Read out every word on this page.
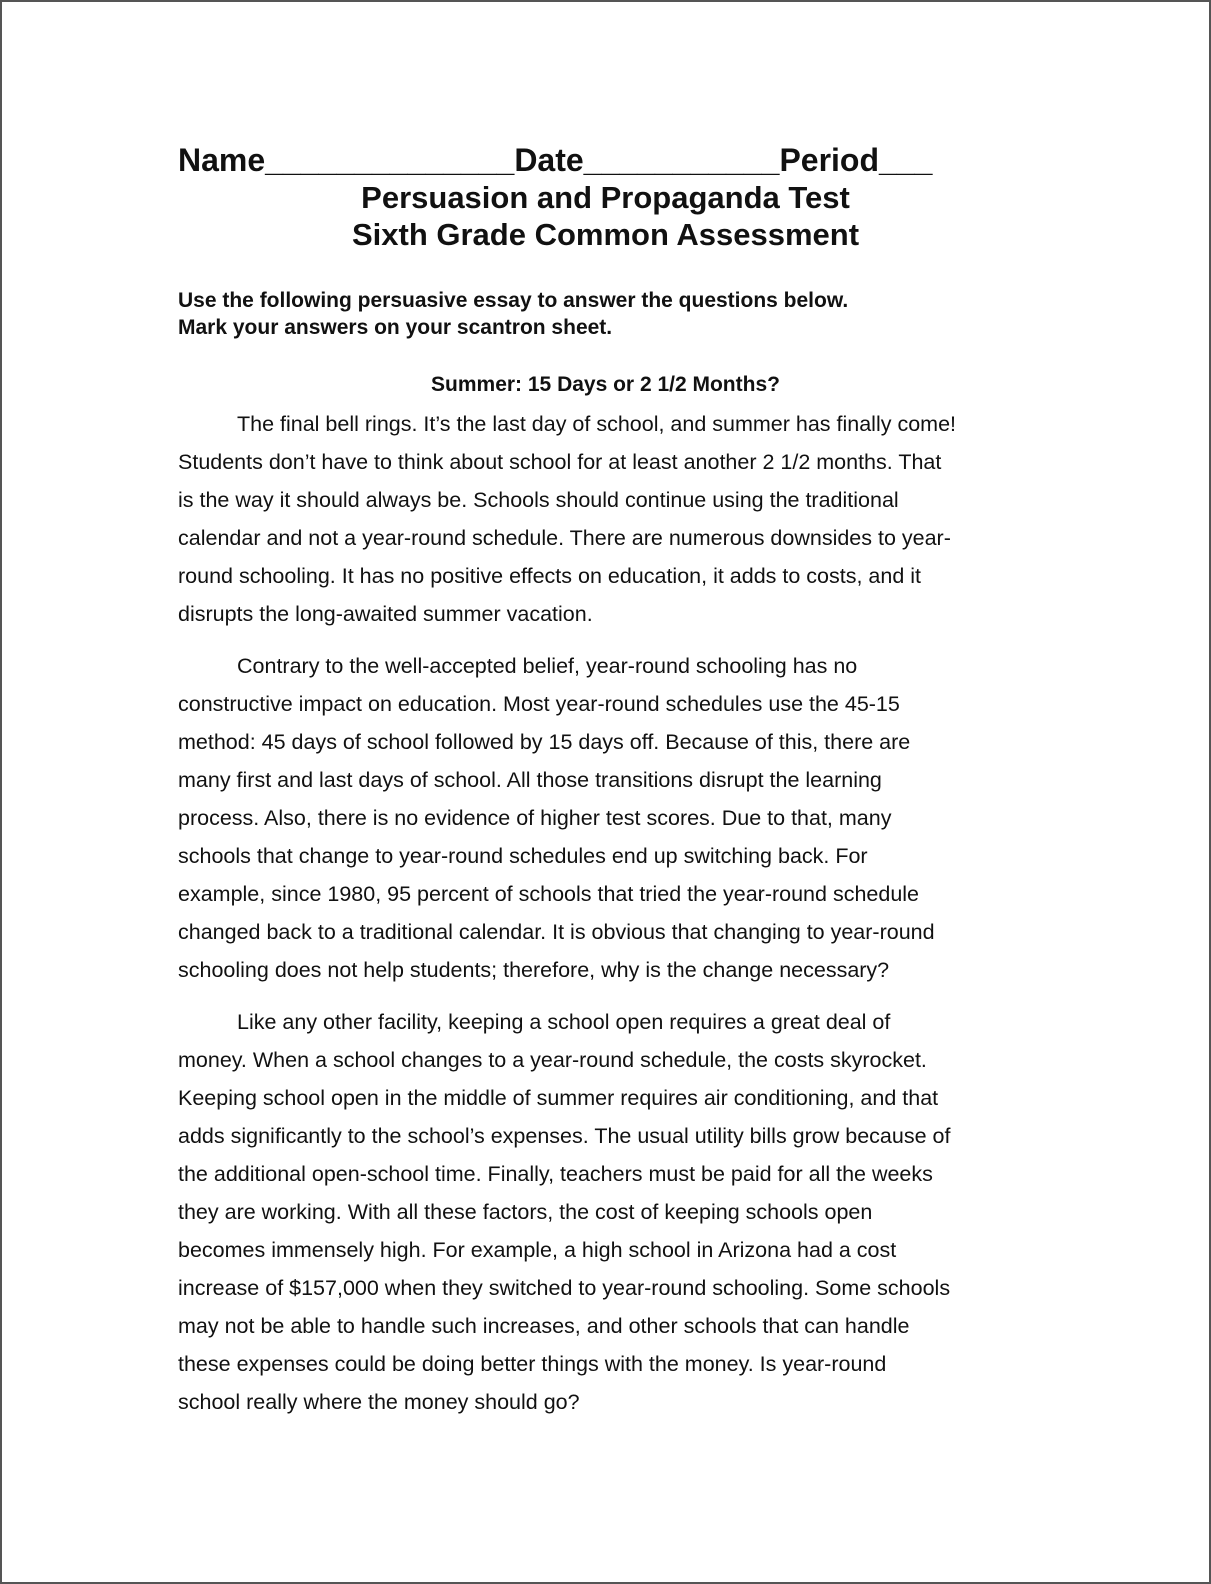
Name______________Date___________Period___

Persuasion and Propaganda Test

Sixth Grade Common Assessment

Use the following persuasive essay to answer the questions below.
Mark your answers on your scantron sheet.
Summer: 15 Days or 2 1/2 Months?
The final bell rings. It’s the last day of school, and summer has finally come!
Students don’t have to think about school for at least another 2 1/2 months. That
is the way it should always be. Schools should continue using the traditional
calendar and not a year-round schedule. There are numerous downsides to year-
round schooling. It has no positive effects on education, it adds to costs, and it
disrupts the long-awaited summer vacation.
Contrary to the well-accepted belief, year-round schooling has no
constructive impact on education. Most year-round schedules use the 45-15
method: 45 days of school followed by 15 days off. Because of this, there are
many first and last days of school. All those transitions disrupt the learning
process. Also, there is no evidence of higher test scores. Due to that, many
schools that change to year-round schedules end up switching back. For
example, since 1980, 95 percent of schools that tried the year-round schedule
changed back to a traditional calendar. It is obvious that changing to year-round
schooling does not help students; therefore, why is the change necessary?
Like any other facility, keeping a school open requires a great deal of
money. When a school changes to a year-round schedule, the costs skyrocket.
Keeping school open in the middle of summer requires air conditioning, and that
adds significantly to the school’s expenses. The usual utility bills grow because of
the additional open-school time. Finally, teachers must be paid for all the weeks
they are working. With all these factors, the cost of keeping schools open
becomes immensely high. For example, a high school in Arizona had a cost
increase of $157,000 when they switched to year-round schooling. Some schools
may not be able to handle such increases, and other schools that can handle
these expenses could be doing better things with the money. Is year-round
school really where the money should go?
